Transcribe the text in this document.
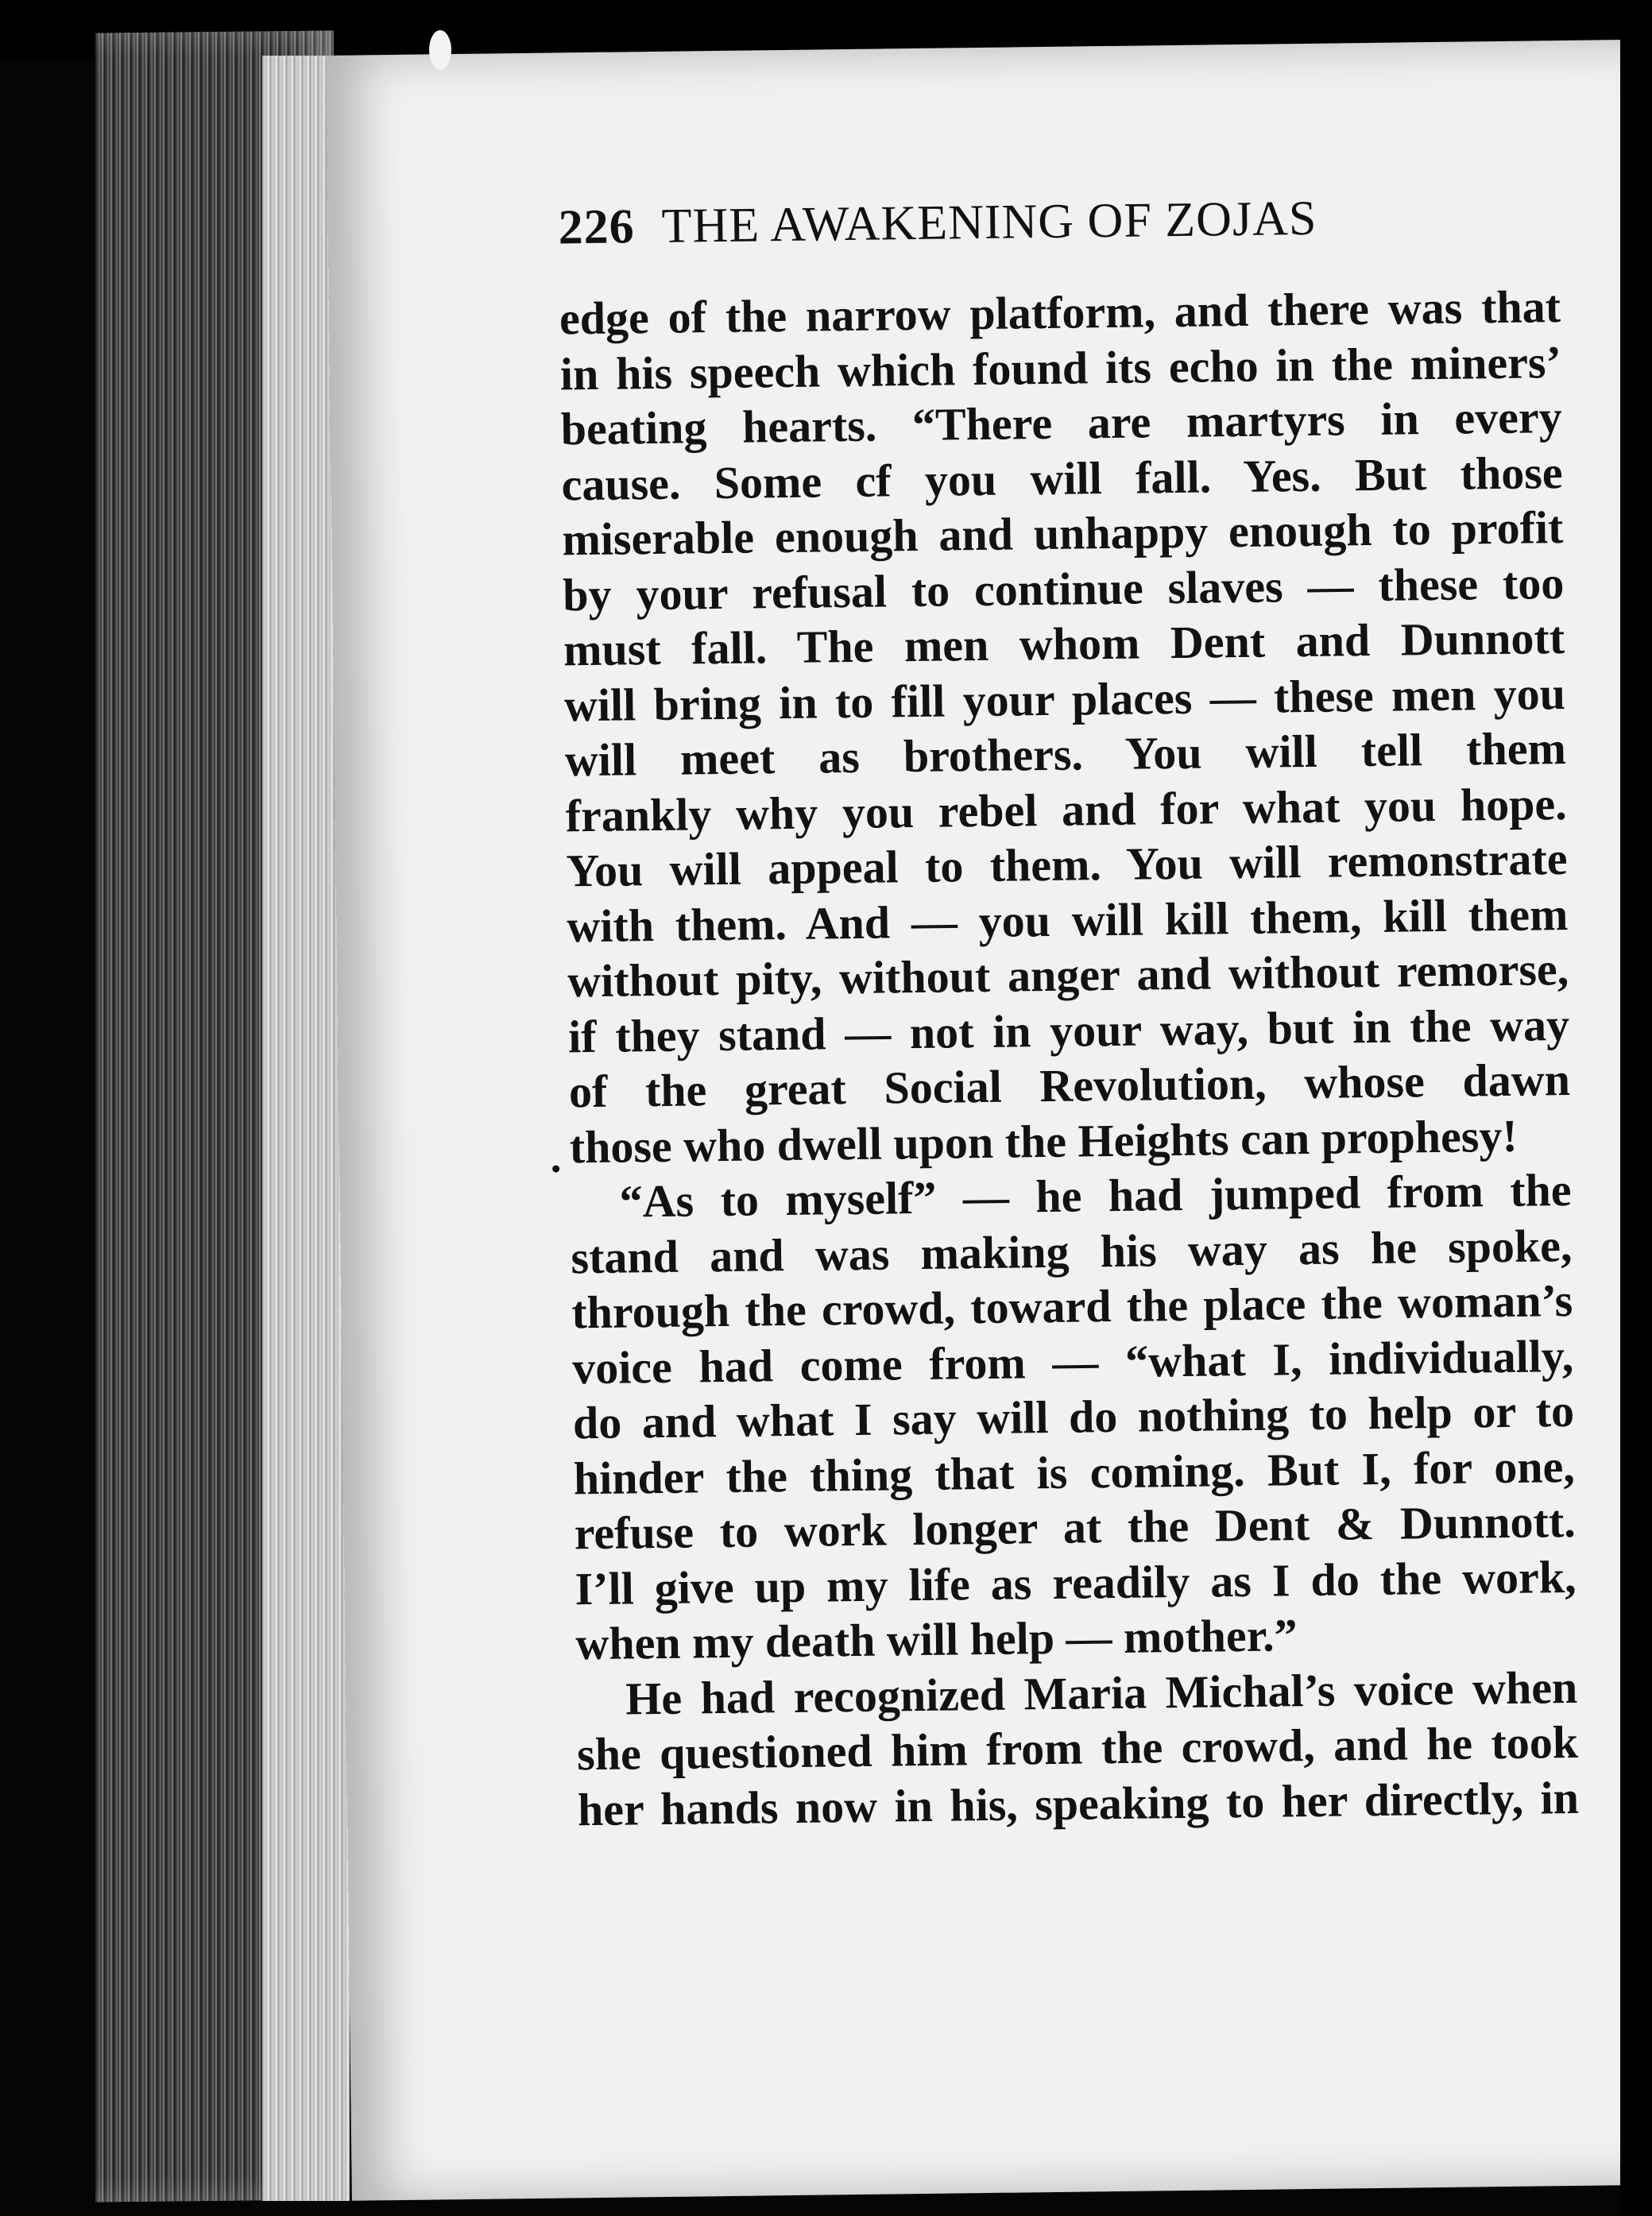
226 THE AWAKENING OF ZOJAS
edge of the narrow platform, and there was that
in his speech which found its echo in the miners’
beating hearts. “There are martyrs in every
cause. Some cf you will fall. Yes. But those
miserable enough and unhappy enough to profit
by your refusal to continue slaves — these too
must fall. The men whom Dent and Dunnott
will bring in to fill your places — these men you
will meet as brothers. You will tell them
frankly why you rebel and for what you hope.
You will appeal to them. You will remonstrate
with them. And — you will kill them, kill them
without pity, without anger and without remorse,
if they stand — not in your way, but in the way
of the great Social Revolution, whose dawn
those who dwell upon the Heights can prophesy!
“As to myself” — he had jumped from the
stand and was making his way as he spoke,
through the crowd, toward the place the woman’s
voice had come from — “what I, individually,
do and what I say will do nothing to help or to
hinder the thing that is coming. But I, for one,
refuse to work longer at the Dent & Dunnott.
I’ll give up my life as readily as I do the work,
when my death will help — mother.”
He had recognized Maria Michal’s voice when
she questioned him from the crowd, and he took
her hands now in his, speaking to her directly, in
